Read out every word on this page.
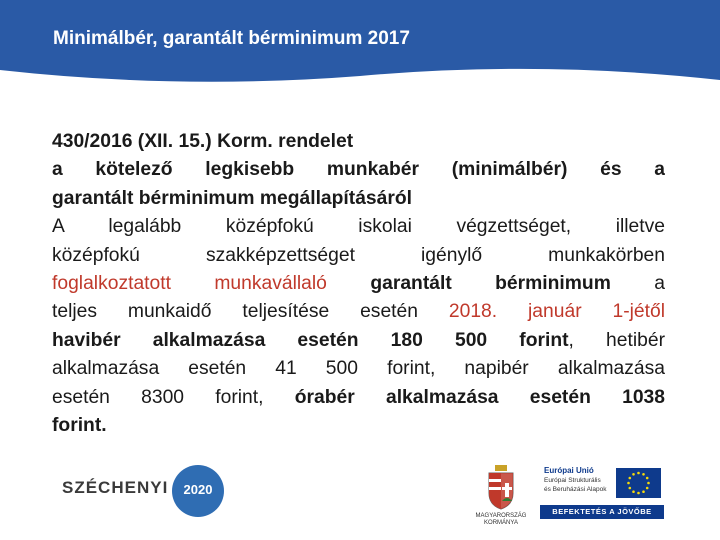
Minimálbér, garantált bérminimum 2017
430/2016 (XII. 15.) Korm. rendelet
a kötelező legkisebb munkabér (minimálbér) és a
garantált bérminimum megállapításáról
A legalább középfokú iskolai végzettséget, illetve
középfokú szakképzettséget igénylő munkakörben
foglalkoztatott munkavállaló garantált bérminimum a
teljes munkaidő teljesítése esetén 2018. január 1-jétől
havibér alkalmazása esetén 180 500 forint, hetibér
alkalmazása esetén 41 500 forint, napibér alkalmazása
esetén 8300 forint, órabér alkalmazása esetén 1038
forint.
SZÉCHENYI	2020
MAGYARORSZÁG
KORMÁNYA
Európai Unió
Európai Strukturális
és Beruházási Alapok
BEFEKTETÉS A JÖVŐBE
